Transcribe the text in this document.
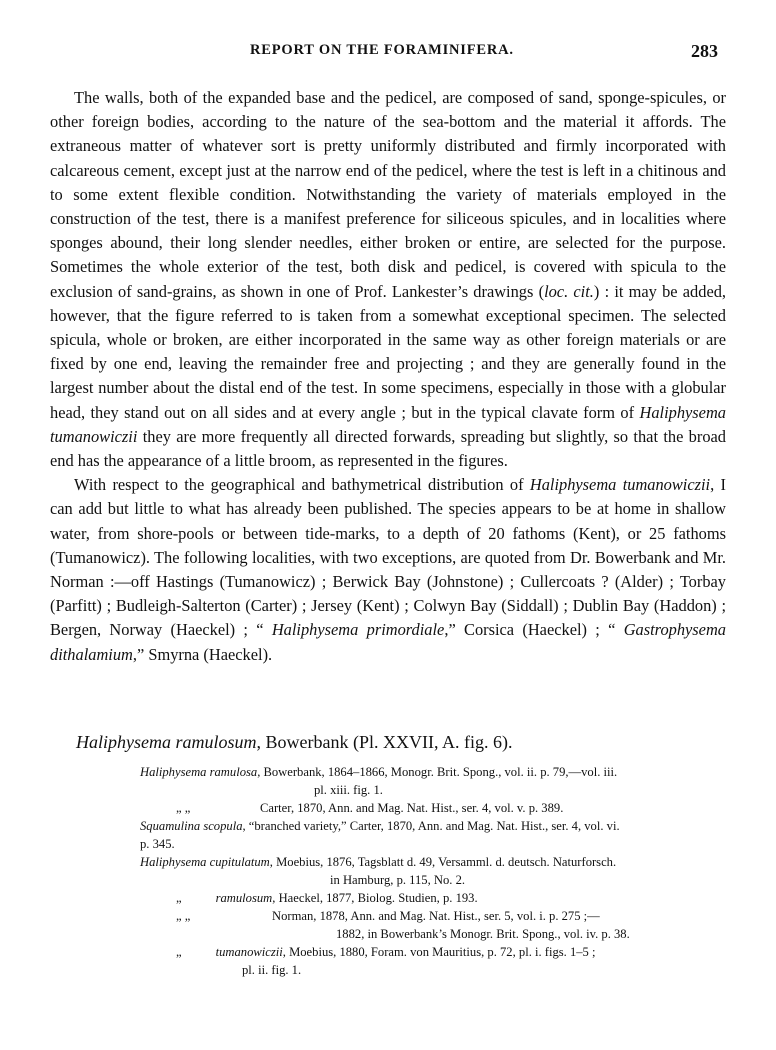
REPORT ON THE FORAMINIFERA.	283

The walls, both of the expanded base and the pedicel, are composed of sand, sponge-spicules, or other foreign bodies, according to the nature of the sea-bottom and the material it affords. The extraneous matter of whatever sort is pretty uniformly distributed and firmly incorporated with calcareous cement, except just at the narrow end of the pedicel, where the test is left in a chitinous and to some extent flexible condition. Notwithstanding the variety of materials employed in the construction of the test, there is a manifest preference for siliceous spicules, and in localities where sponges abound, their long slender needles, either broken or entire, are selected for the purpose. Sometimes the whole exterior of the test, both disk and pedicel, is covered with spicula to the exclusion of sand-grains, as shown in one of Prof. Lankester’s drawings (loc. cit.) : it may be added, however, that the figure referred to is taken from a somewhat exceptional specimen. The selected spicula, whole or broken, are either incorporated in the same way as other foreign materials or are fixed by one end, leaving the remainder free and projecting ; and they are generally found in the largest number about the distal end of the test. In some specimens, especially in those with a globular head, they stand out on all sides and at every angle ; but in the typical clavate form of Haliphysema tumanowiczii they are more frequently all directed forwards, spreading but slightly, so that the broad end has the appearance of a little broom, as represented in the figures.

With respect to the geographical and bathymetrical distribution of Haliphysema tumanowiczii, I can add but little to what has already been published. The species appears to be at home in shallow water, from shore-pools or between tide-marks, to a depth of 20 fathoms (Kent), or 25 fathoms (Tumanowicz). The following localities, with two exceptions, are quoted from Dr. Bowerbank and Mr. Norman :—off Hastings (Tumanowicz) ; Berwick Bay (Johnstone) ; Cullercoats ? (Alder) ; Torbay (Parfitt) ; Budleigh-Salterton (Carter) ; Jersey (Kent) ; Colwyn Bay (Siddall) ; Dublin Bay (Haddon) ; Bergen, Norway (Haeckel) ; “ Haliphysema primordiale,” Corsica (Haeckel) ; “ Gastrophysema dithalamium,” Smyrna (Haeckel).

Haliphysema ramulosum, Bowerbank (Pl. XXVII, A. fig. 6).
Haliphysema ramulosa, Bowerbank, 1864–1866, Monogr. Brit. Spong., vol. ii. p. 79,—vol. iii.
pl. xiii. fig. 1.
„ „	Carter, 1870, Ann. and Mag. Nat. Hist., ser. 4, vol. v. p. 389.
Squamulina scopula, “branched variety,” Carter, 1870, Ann. and Mag. Nat. Hist., ser. 4, vol. vi.
p. 345.
Haliphysema cupitulatum, Moebius, 1876, Tagsblatt d. 49, Versamml. d. deutsch. Naturforsch.
in Hamburg, p. 115, No. 2.
„	ramulosum, Haeckel, 1877, Biolog. Studien, p. 193.
„ „	Norman, 1878, Ann. and Mag. Nat. Hist., ser. 5, vol. i. p. 275 ;—
1882, in Bowerbank’s Monogr. Brit. Spong., vol. iv. p. 38.
„	tumanowiczii, Moebius, 1880, Foram. von Mauritius, p. 72, pl. i. figs. 1–5 ;
pl. ii. fig. 1.
